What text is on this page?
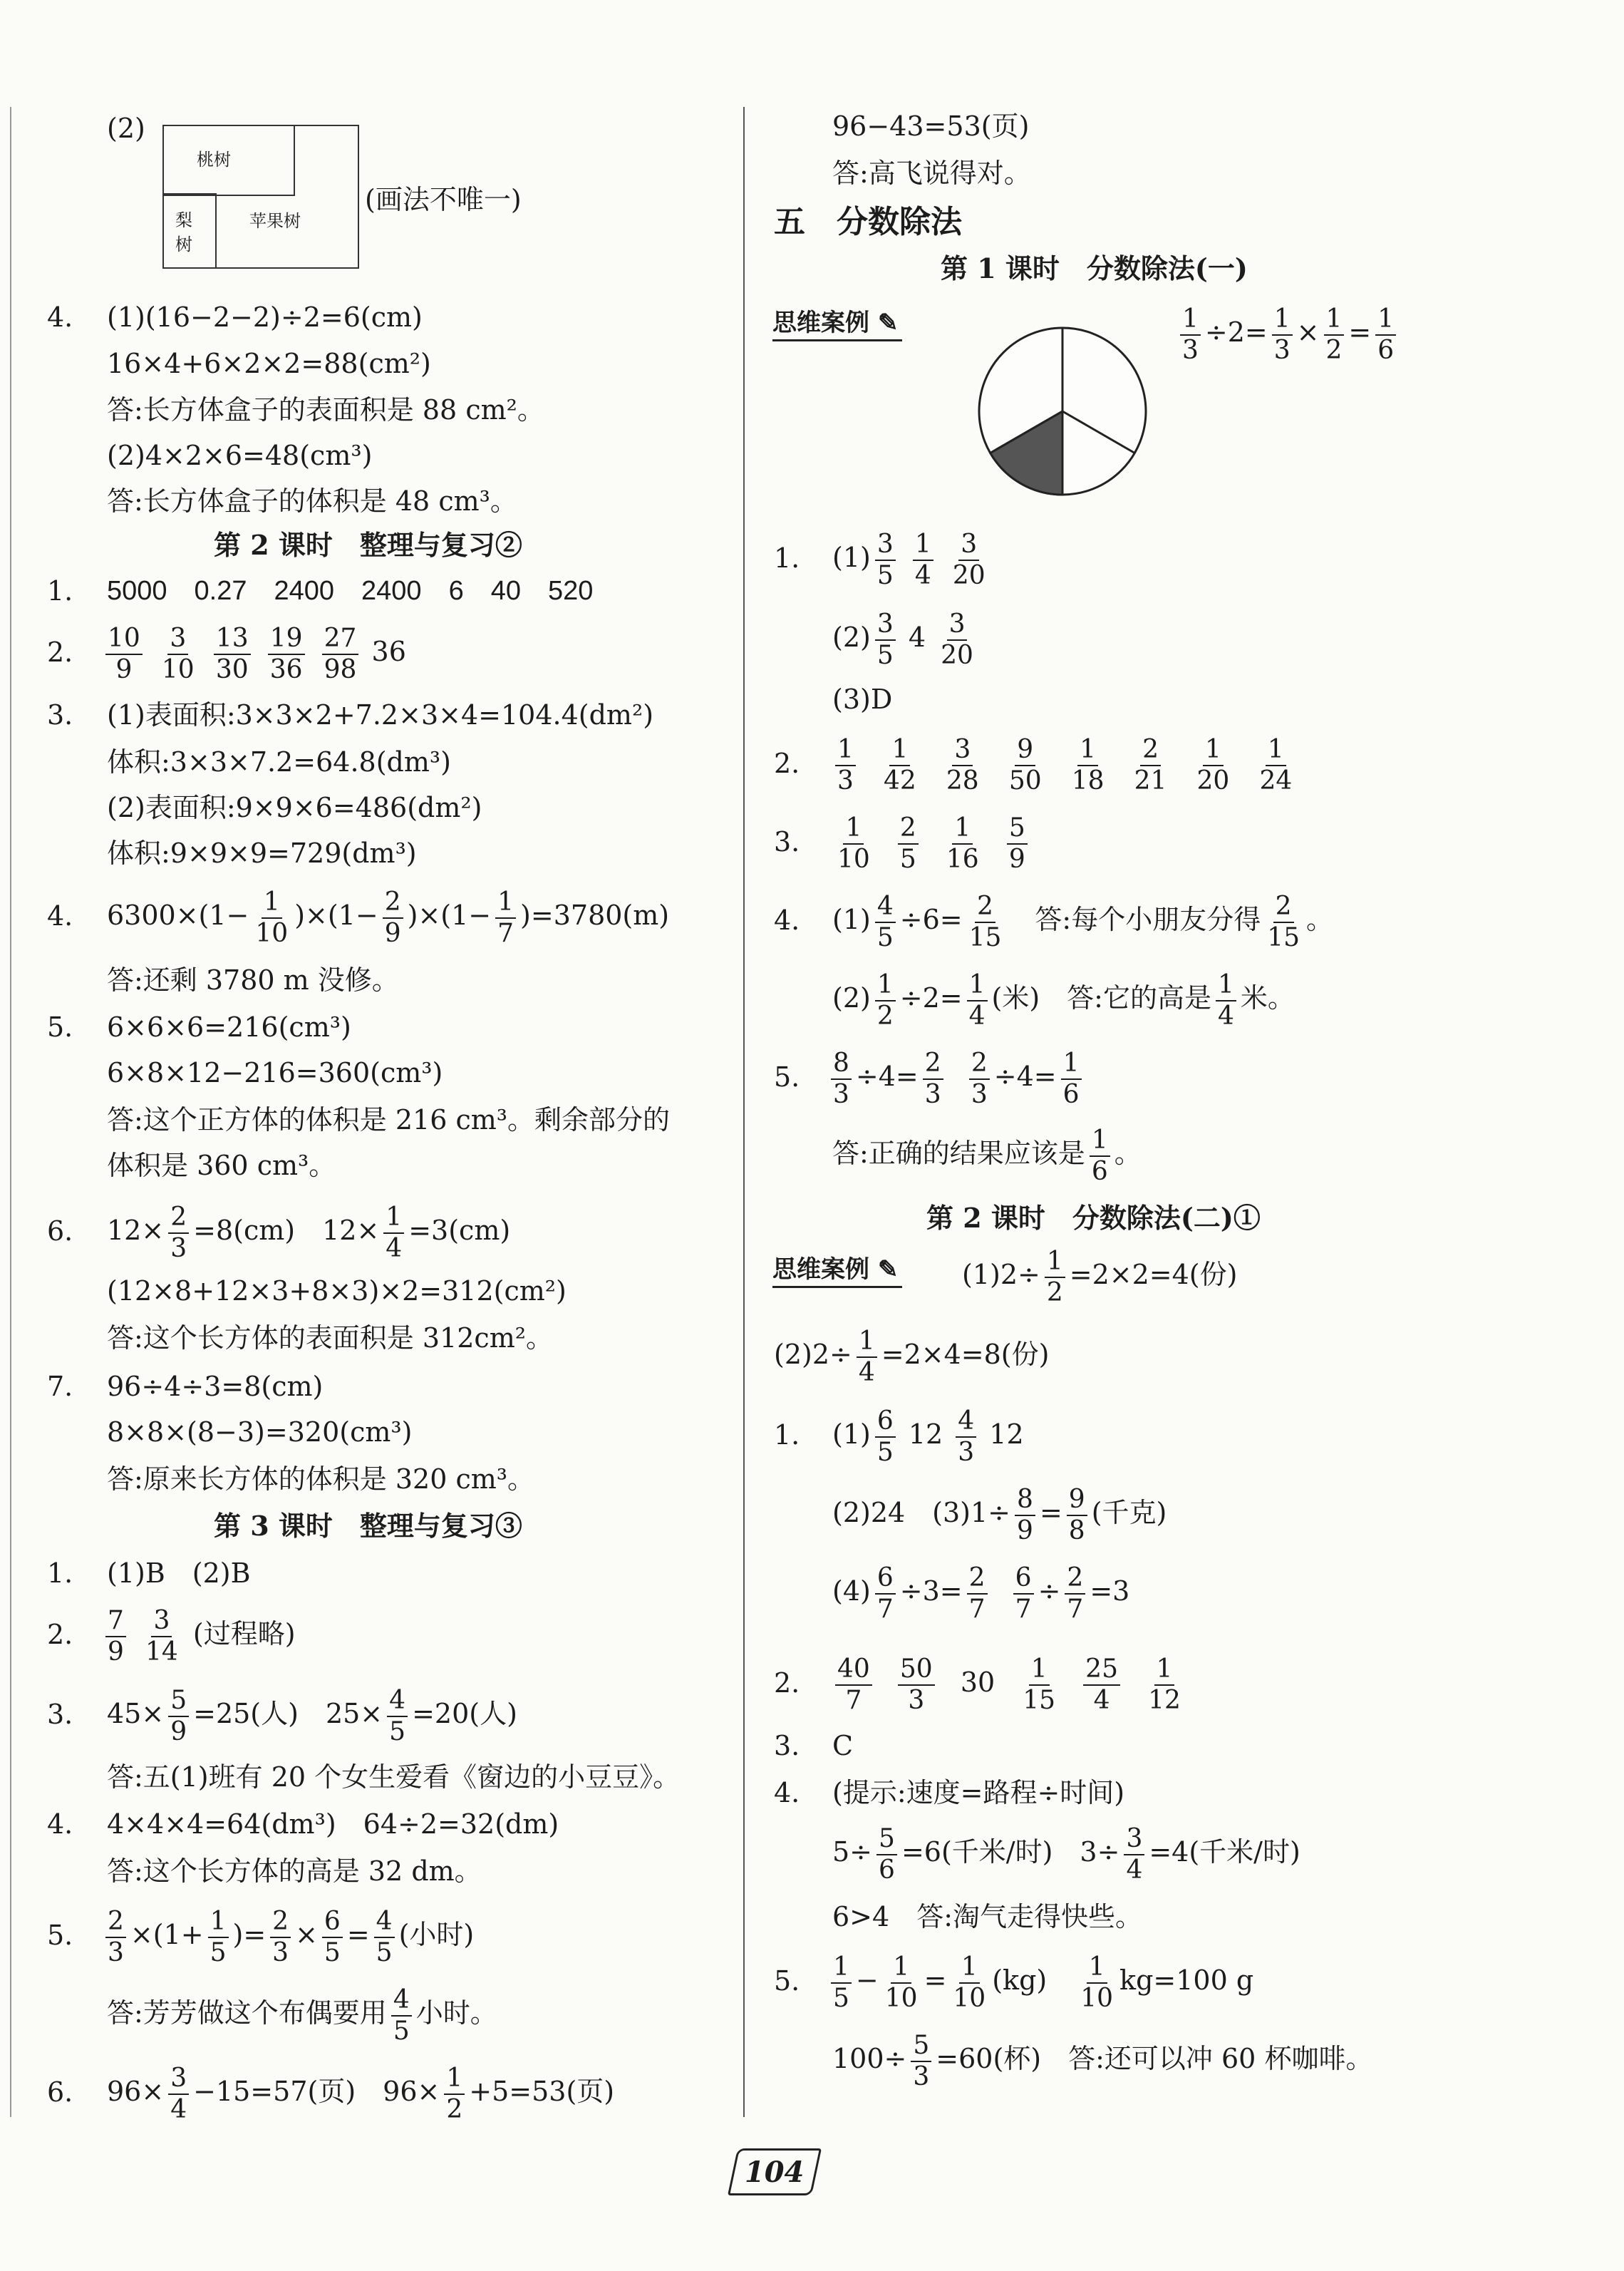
(2)
桃树
梨树
苹果树
(画法不唯一)
4. (1)(16−2−2)÷2=6(cm)
16×4+6×2×2=88(cm²)
答:长方体盒子的表面积是 88 cm²。
(2)4×2×6=48(cm³)
答:长方体盒子的体积是 48 cm³。
第 2 课时　整理与复习②
1. 5000　0.27　2400　2400　6　40　520
2. $\frac{10}{9}$
$\frac{3}{10}$
$\frac{13}{30}$
$\frac{19}{36}$
$\frac{27}{98} 36$
3. (1)表面积:3×3×2+7.2×3×4=104.4(dm²)
体积:3×3×7.2=64.8(dm³)
(2)表面积:9×9×6=486(dm²)
体积:9×9×9=729(dm³)
4. $6300\times(1- \frac{1}{10} )\times(1- \frac{2}{9} )\times(1- \frac{1}{7} )=3780(m)$
答:还剩 3780 m 没修。
5. 6×6×6=216(cm³)
6×8×12−216=360(cm³)
答:这个正方体的体积是 216 cm³。剩余部分的
体积是 360 cm³。
6. $12\times \frac{2}{3} =8(cm)$　$12\times \frac{1}{4} =3(cm)$
(12×8+12×3+8×3)×2=312(cm²)
答:这个长方体的表面积是 312cm²。
7. 96÷4÷3=8(cm)
8×8×(8−3)=320(cm³)
答:原来长方体的体积是 320 cm³。
第 3 课时　整理与复习③
1. (1)B　(2)B
2. $\frac{7}{9}$
$\frac{3}{14}$ (过程略)
3. $45\times \frac{5}{9} =25$(人)　$25\times \frac{4}{5} =20$(人)
答:五(1)班有 20 个女生爱看《窗边的小豆豆》。
4. 4×4×4=64(dm³)　64÷2=32(dm)
答:这个长方体的高是 32 dm。
5. $\frac{2}{3} \times(1+ \frac{1}{5}$ )= $\frac{2}{3} \times \frac{6}{5} = \frac{4}{5}$ (小时)
答:芳芳做这个布偶要用 $\frac{4}{5}$ 小时。
6. $96\times \frac{3}{4} -15=57$(页)　$96\times \frac{1}{2} +5=53$(页)
96−43=53(页)
答:高飞说得对。
五　分数除法
第 1 课时　分数除法(一)
思维案例 ✎	$\frac{1}{3} \div 2= \frac{1}{3} \times \frac{1}{2} = \frac{1}{6}$
1. $(1) \frac{3}{5}$
$\frac{1}{4}$
$\frac{3}{20}$
$(2) \frac{3}{5} 4 \frac{3}{20}$
(3)D
2. $\frac{1}{3}$
$\frac{1}{42}$
$\frac{3}{28}$
$\frac{9}{50}$
$\frac{1}{18}$
$\frac{2}{21}$
$\frac{1}{20}$
$\frac{1}{24}$
3. $\frac{1}{10}$
$\frac{2}{5}$
$\frac{1}{16}$
$\frac{5}{9}$
4. $(1) \frac{4}{5} \div 6= \frac{2}{15}$ 　答:每个小朋友分得 $\frac{2}{15}$ 。
$(2) \frac{1}{2} \div 2= \frac{1}{4}$ (米)　答:它的高是 $\frac{1}{4}$ 米。
5. $\frac{8}{3} \div 4= \frac{2}{3}$
$\frac{2}{3} \div 4= \frac{1}{6}$
答:正确的结果应该是 $\frac{1}{6}$ 。
第 2 课时　分数除法(二)①
思维案例 ✎ $(1)2\div \frac{1}{2} =2\times 2=4$(份)
$(2)2\div \frac{1}{4} =2\times 4=8$(份)
1. $(1) \frac{6}{5} 12 \frac{4}{3} 12$
(2)24　$(3)1\div \frac{8}{9} = \frac{9}{8}$ (千克)
$(4) \frac{6}{7} \div 3= \frac{2}{7}$
$\frac{6}{7} \div \frac{2}{7} =3$
2. $\frac{40}{7}$
$\frac{50}{3} 30 \frac{1}{15}$
$\frac{25}{4}$
$\frac{1}{12}$
3. C
4. (提示:速度=路程÷时间)
$5\div \frac{5}{6} =6$(千米/时)　$3\div \frac{3}{4} =4$(千米/时)
6>4　答:淘气走得快些。
5. $\frac{1}{5} - \frac{1}{10} = \frac{1}{10} (kg)$　 $\frac{1}{10} kg=100$ g
$100\div \frac{5}{3} =60$(杯)　答:还可以冲 60 杯咖啡。
104
